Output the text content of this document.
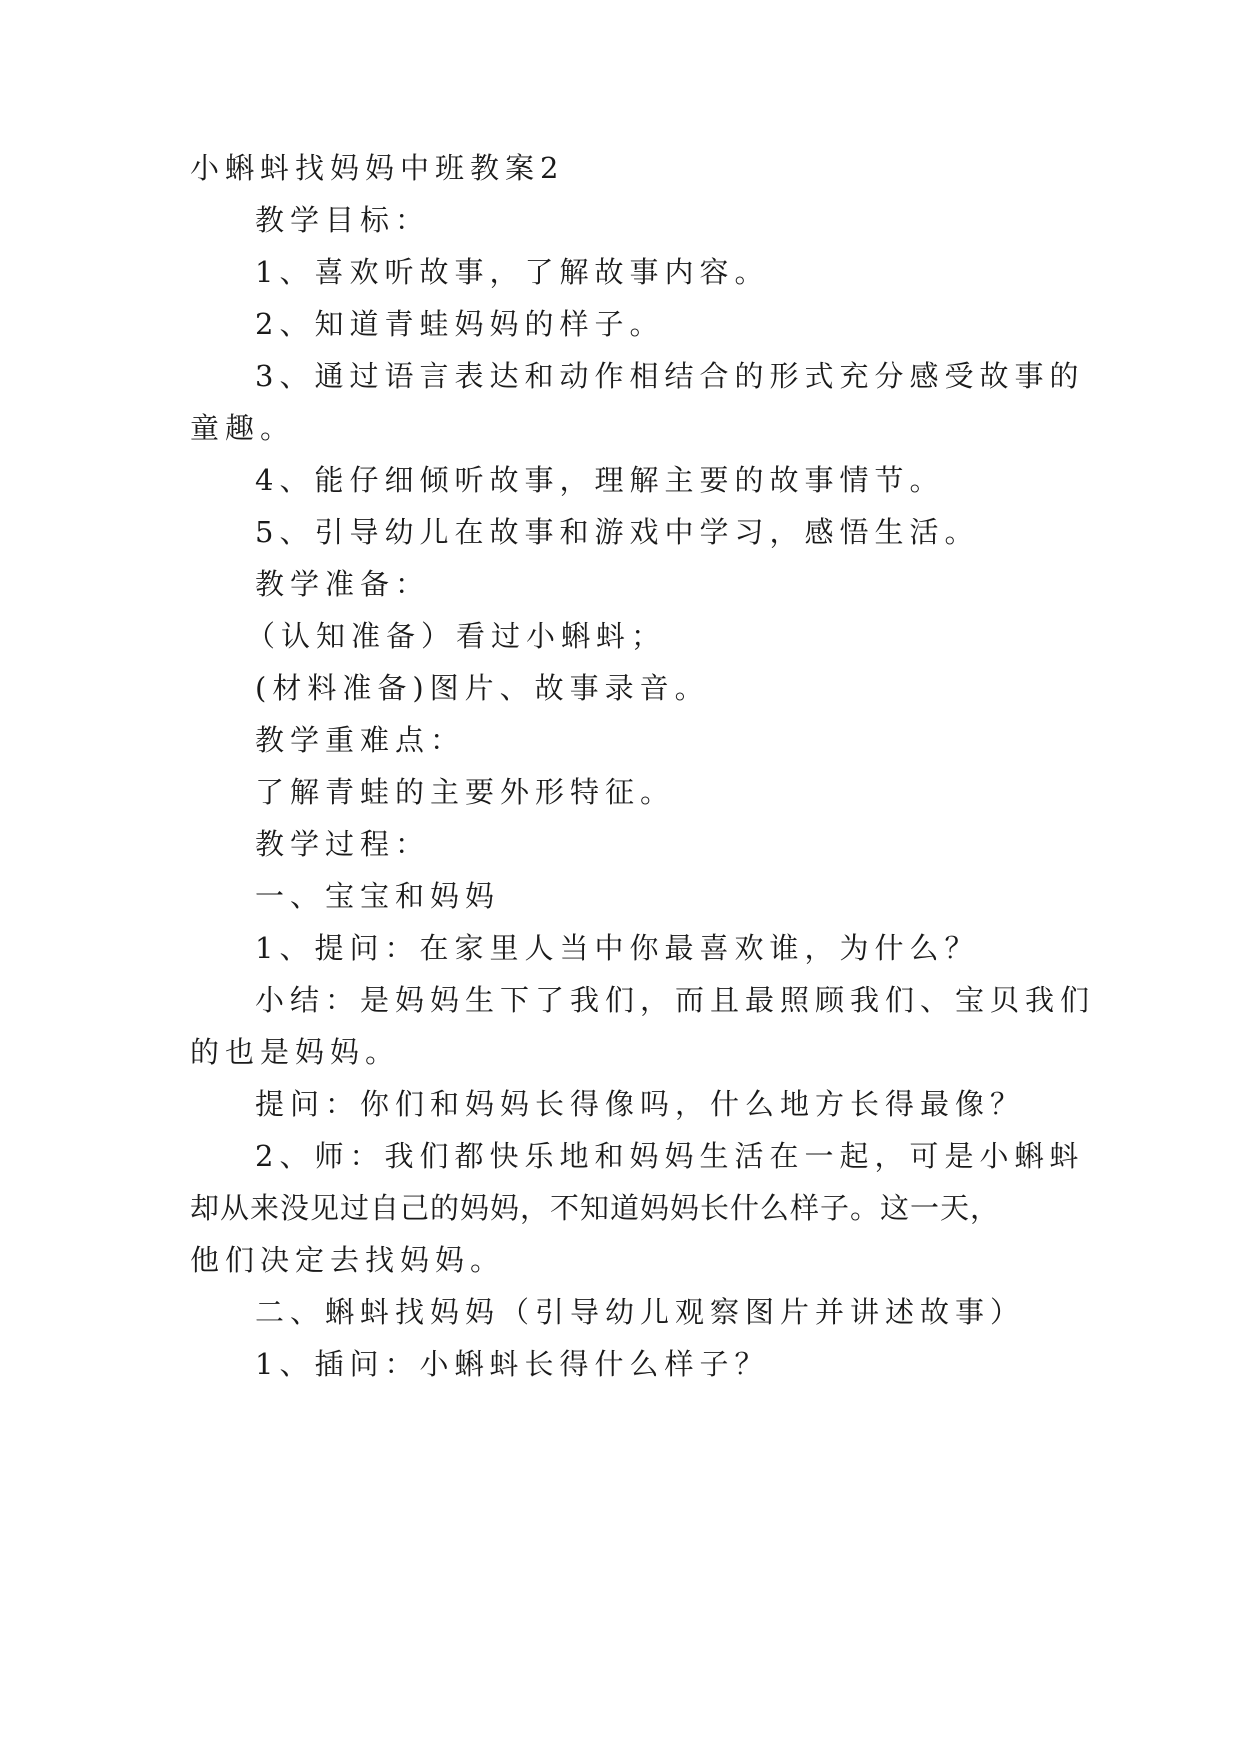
小蝌蚪找妈妈中班教案2
教学目标：
1、喜欢听故事，了解故事内容。
2、知道青蛙妈妈的样子。
3、通过语言表达和动作相结合的形式充分感受故事的
童趣。
4、能仔细倾听故事，理解主要的故事情节。
5、引导幼儿在故事和游戏中学习，感悟生活。
教学准备：
（认知准备）看过小蝌蚪；
(材料准备)图片、故事录音。
教学重难点：
了解青蛙的主要外形特征。
教学过程：
一、宝宝和妈妈
1、提问：在家里人当中你最喜欢谁，为什么？
小结：是妈妈生下了我们，而且最照顾我们、宝贝我们
的也是妈妈。
提问：你们和妈妈长得像吗，什么地方长得最像？
2、师：我们都快乐地和妈妈生活在一起，可是小蝌蚪
却从来没见过自己的妈妈，不知道妈妈长什么样子。这一天，
他们决定去找妈妈。
二、蝌蚪找妈妈（引导幼儿观察图片并讲述故事）
1、插问：小蝌蚪长得什么样子？
